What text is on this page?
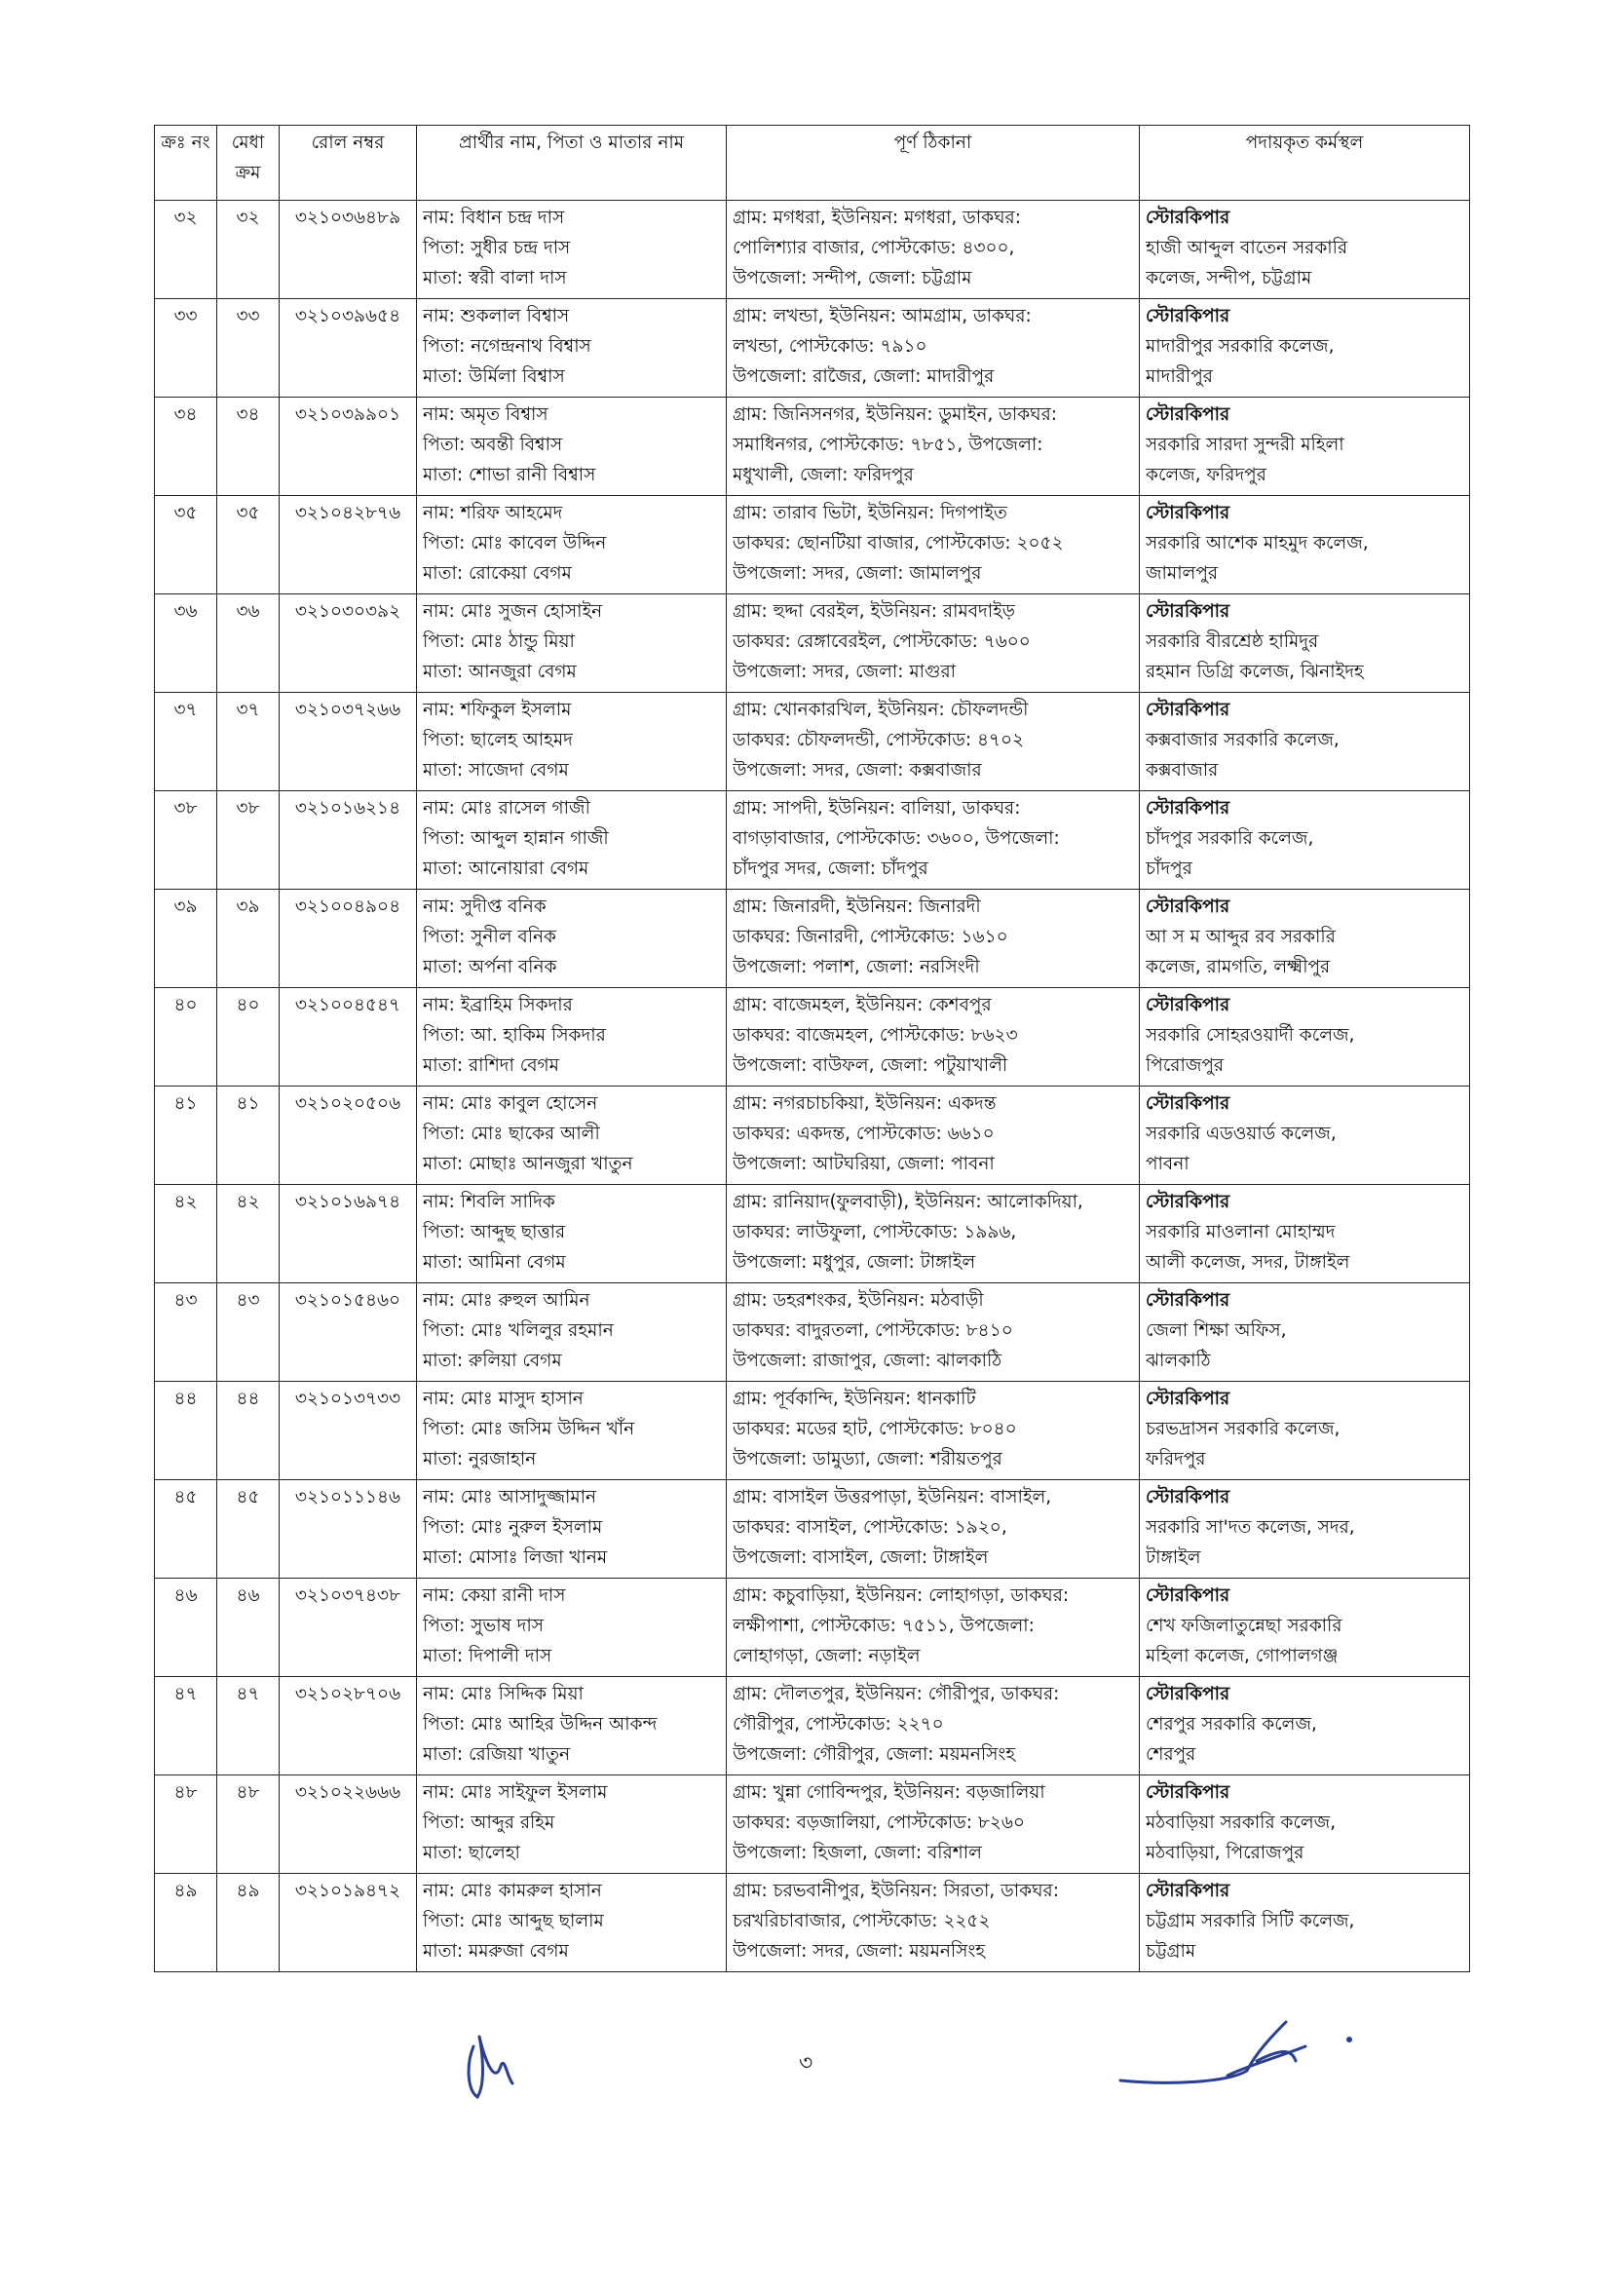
ক্রঃ নং	মেধা ক্রম	রোল নম্বর	প্রার্থীর নাম, পিতা ও মাতার নাম	পূর্ণ ঠিকানা	পদায়কৃত কর্মস্থল

৩২	৩২	৩২১০৩৬৪৮৯	নাম: বিধান চন্দ্র দাস
পিতা: সুধীর চন্দ্র দাস
মাতা: স্বরী বালা দাস	গ্রাম: মগধরা, ইউনিয়ন: মগধরা, ডাকঘর:
পোলিশ্যার বাজার, পোস্টকোড: ৪৩০০,
উপজেলা: সন্দীপ, জেলা: চট্টগ্রাম	স্টোরকিপার
হাজী আব্দুল বাতেন সরকারি
কলেজ, সন্দীপ, চট্টগ্রাম

৩৩	৩৩	৩২১০৩৯৬৫৪	নাম: শুকলাল বিশ্বাস
পিতা: নগেন্দ্রনাথ বিশ্বাস
মাতা: উর্মিলা বিশ্বাস	গ্রাম: লখন্ডা, ইউনিয়ন: আমগ্রাম, ডাকঘর:
লখন্ডা, পোস্টকোড: ৭৯১০
উপজেলা: রাজৈর, জেলা: মাদারীপুর	স্টোরকিপার
মাদারীপুর সরকারি কলেজ,
মাদারীপুর

৩৪	৩৪	৩২১০৩৯৯০১	নাম: অমৃত বিশ্বাস
পিতা: অবন্তী বিশ্বাস
মাতা: শোভা রানী বিশ্বাস	গ্রাম: জিনিসনগর, ইউনিয়ন: ডুমাইন, ডাকঘর:
সমাধিনগর, পোস্টকোড: ৭৮৫১, উপজেলা:
মধুখালী, জেলা: ফরিদপুর	স্টোরকিপার
সরকারি সারদা সুন্দরী মহিলা
কলেজ, ফরিদপুর

৩৫	৩৫	৩২১০৪২৮৭৬	নাম: শরিফ আহমেদ
পিতা: মোঃ কাবেল উদ্দিন
মাতা: রোকেয়া বেগম	গ্রাম: তারাব ভিটা, ইউনিয়ন: দিগপাইত
ডাকঘর: ছোনটিয়া বাজার, পোস্টকোড: ২০৫২
উপজেলা: সদর, জেলা: জামালপুর	স্টোরকিপার
সরকারি আশেক মাহমুদ কলেজ,
জামালপুর

৩৬	৩৬	৩২১০৩০৩৯২	নাম: মোঃ সুজন হোসাইন
পিতা: মোঃ ঠান্ডু মিয়া
মাতা: আনজুরা বেগম	গ্রাম: হুদ্দা বেরইল, ইউনিয়ন: রামবদাইড়
ডাকঘর: রেঙ্গাবেরইল, পোস্টকোড: ৭৬০০
উপজেলা: সদর, জেলা: মাগুরা	স্টোরকিপার
সরকারি বীরশ্রেষ্ঠ হামিদুর
রহমান ডিগ্রি কলেজ, ঝিনাইদহ

৩৭	৩৭	৩২১০৩৭২৬৬	নাম: শফিকুল ইসলাম
পিতা: ছালেহ আহমদ
মাতা: সাজেদা বেগম	গ্রাম: খোনকারখিল, ইউনিয়ন: চৌফলদন্ডী
ডাকঘর: চৌফলদন্ডী, পোস্টকোড: ৪৭০২
উপজেলা: সদর, জেলা: কক্সবাজার	স্টোরকিপার
কক্সবাজার সরকারি কলেজ,
কক্সবাজার

৩৮	৩৮	৩২১০১৬২১৪	নাম: মোঃ রাসেল গাজী
পিতা: আব্দুল হান্নান গাজী
মাতা: আনোয়ারা বেগম	গ্রাম: সাপদী, ইউনিয়ন: বালিয়া, ডাকঘর:
বাগড়াবাজার, পোস্টকোড: ৩৬০০, উপজেলা:
চাঁদপুর সদর, জেলা: চাঁদপুর	স্টোরকিপার
চাঁদপুর সরকারি কলেজ,
চাঁদপুর

৩৯	৩৯	৩২১০০৪৯০৪	নাম: সুদীপ্ত বনিক
পিতা: সুনীল বনিক
মাতা: অর্পনা বনিক	গ্রাম: জিনারদী, ইউনিয়ন: জিনারদী
ডাকঘর: জিনারদী, পোস্টকোড: ১৬১০
উপজেলা: পলাশ, জেলা: নরসিংদী	স্টোরকিপার
আ স ম আব্দুর রব সরকারি
কলেজ, রামগতি, লক্ষ্মীপুর

৪০	৪০	৩২১০০৪৫৪৭	নাম: ইব্রাহিম সিকদার
পিতা: আ. হাকিম সিকদার
মাতা: রাশিদা বেগম	গ্রাম: বাজেমহল, ইউনিয়ন: কেশবপুর
ডাকঘর: বাজেমহল, পোস্টকোড: ৮৬২৩
উপজেলা: বাউফল, জেলা: পটুয়াখালী	স্টোরকিপার
সরকারি সোহরওয়ার্দী কলেজ,
পিরোজপুর

৪১	৪১	৩২১০২০৫০৬	নাম: মোঃ কাবুল হোসেন
পিতা: মোঃ ছাকের আলী
মাতা: মোছাঃ আনজুরা খাতুন	গ্রাম: নগরচাচকিয়া, ইউনিয়ন: একদন্ত
ডাকঘর: একদন্ত, পোস্টকোড: ৬৬১০
উপজেলা: আটঘরিয়া, জেলা: পাবনা	স্টোরকিপার
সরকারি এডওয়ার্ড কলেজ,
পাবনা

৪২	৪২	৩২১০১৬৯৭৪	নাম: শিবলি সাদিক
পিতা: আব্দুছ ছাত্তার
মাতা: আমিনা বেগম	গ্রাম: রানিয়াদ(ফুলবাড়ী), ইউনিয়ন: আলোকদিয়া,
ডাকঘর: লাউফুলা, পোস্টকোড: ১৯৯৬,
উপজেলা: মধুপুর, জেলা: টাঙ্গাইল	স্টোরকিপার
সরকারি মাওলানা মোহাম্মদ
আলী কলেজ, সদর, টাঙ্গাইল

৪৩	৪৩	৩২১০১৫৪৬০	নাম: মোঃ রুহুল আমিন
পিতা: মোঃ খলিলুর রহমান
মাতা: রুলিয়া বেগম	গ্রাম: ডহরশংকর, ইউনিয়ন: মঠবাড়ী
ডাকঘর: বাদুরতলা, পোস্টকোড: ৮৪১০
উপজেলা: রাজাপুর, জেলা: ঝালকাঠি	স্টোরকিপার
জেলা শিক্ষা অফিস,
ঝালকাঠি

৪৪	৪৪	৩২১০১৩৭৩৩	নাম: মোঃ মাসুদ হাসান
পিতা: মোঃ জসিম উদ্দিন খাঁন
মাতা: নুরজাহান	গ্রাম: পূর্বকান্দি, ইউনিয়ন: ধানকাটি
ডাকঘর: মডের হাট, পোস্টকোড: ৮০৪০
উপজেলা: ডামুড্যা, জেলা: শরীয়তপুর	স্টোরকিপার
চরভদ্রাসন সরকারি কলেজ,
ফরিদপুর

৪৫	৪৫	৩২১০১১১৪৬	নাম: মোঃ আসাদুজ্জামান
পিতা: মোঃ নুরুল ইসলাম
মাতা: মোসাঃ লিজা খানম	গ্রাম: বাসাইল উত্তরপাড়া, ইউনিয়ন: বাসাইল,
ডাকঘর: বাসাইল, পোস্টকোড: ১৯২০,
উপজেলা: বাসাইল, জেলা: টাঙ্গাইল	স্টোরকিপার
সরকারি সা'দত কলেজ, সদর,
টাঙ্গাইল

৪৬	৪৬	৩২১০৩৭৪৩৮	নাম: কেয়া রানী দাস
পিতা: সুভাষ দাস
মাতা: দিপালী দাস	গ্রাম: কচুবাড়িয়া, ইউনিয়ন: লোহাগড়া, ডাকঘর:
লক্ষীপাশা, পোস্টকোড: ৭৫১১, উপজেলা:
লোহাগড়া, জেলা: নড়াইল	স্টোরকিপার
শেখ ফজিলাতুন্নেছা সরকারি
মহিলা কলেজ, গোপালগঞ্জ

৪৭	৪৭	৩২১০২৮৭০৬	নাম: মোঃ সিদ্দিক মিয়া
পিতা: মোঃ আহির উদ্দিন আকন্দ
মাতা: রেজিয়া খাতুন	গ্রাম: দৌলতপুর, ইউনিয়ন: গৌরীপুর, ডাকঘর:
গৌরীপুর, পোস্টকোড: ২২৭০
উপজেলা: গৌরীপুর, জেলা: ময়মনসিংহ	স্টোরকিপার
শেরপুর সরকারি কলেজ,
শেরপুর

৪৮	৪৮	৩২১০২২৬৬৬	নাম: মোঃ সাইফুল ইসলাম
পিতা: আব্দুর রহিম
মাতা: ছালেহা	গ্রাম: খুন্না গোবিন্দপুর, ইউনিয়ন: বড়জালিয়া
ডাকঘর: বড়জালিয়া, পোস্টকোড: ৮২৬০
উপজেলা: হিজলা, জেলা: বরিশাল	স্টোরকিপার
মঠবাড়িয়া সরকারি কলেজ,
মঠবাড়িয়া, পিরোজপুর

৪৯	৪৯	৩২১০১৯৪৭২	নাম: মোঃ কামরুল হাসান
পিতা: মোঃ আব্দুছ ছালাম
মাতা: মমরুজা বেগম	গ্রাম: চরভবানীপুর, ইউনিয়ন: সিরতা, ডাকঘর:
চরখরিচাবাজার, পোস্টকোড: ২২৫২
উপজেলা: সদর, জেলা: ময়মনসিংহ	স্টোরকিপার
চট্টগ্রাম সরকারি সিটি কলেজ,
চট্টগ্রাম
৩
